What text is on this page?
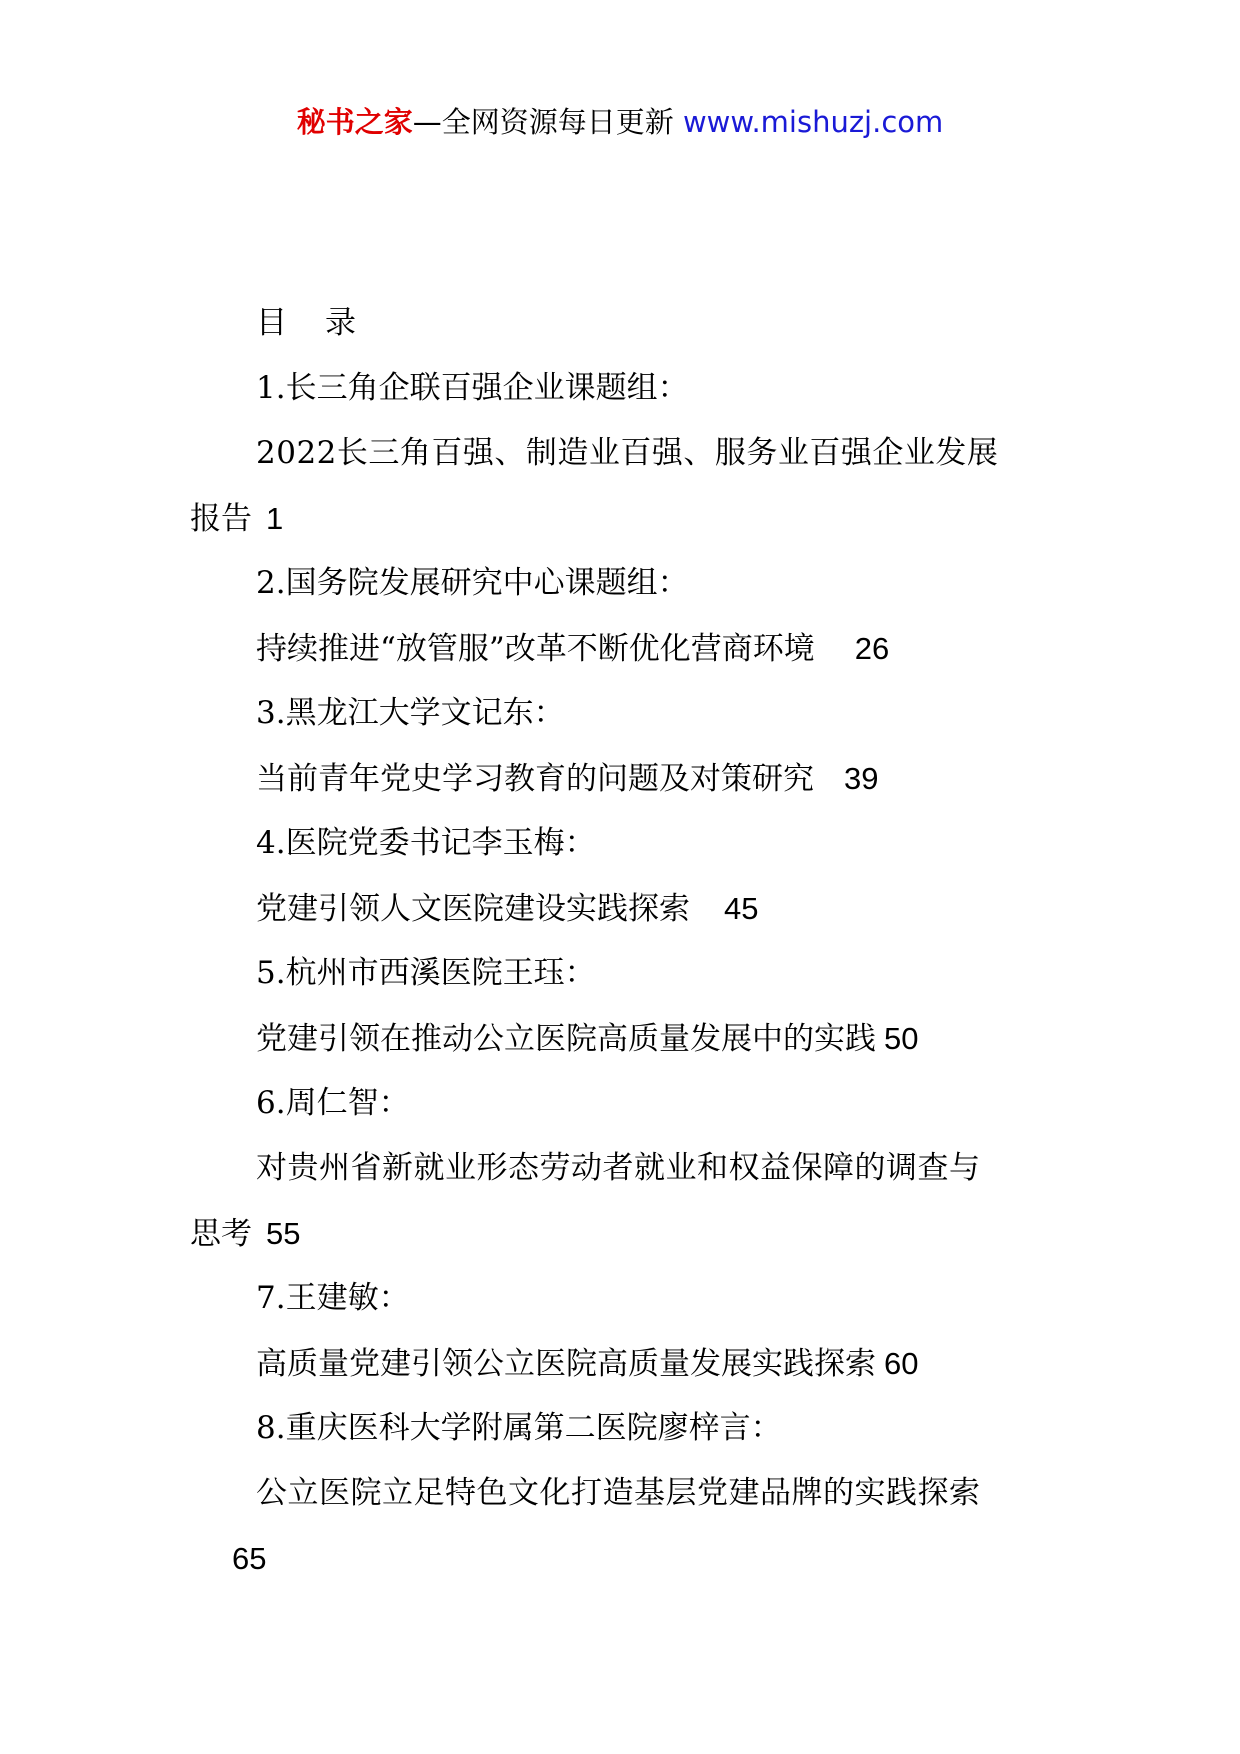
秘书之家—全网资源每日更新 www.mishuzj.com
目 录
1.长三角企联百强企业课题组：
2022长三角百强、制造业百强、服务业百强企业发展
报告 1
2.国务院发展研究中心课题组：
持续推进“放管服”改革不断优化营商环境 26
3.黑龙江大学文记东：
当前青年党史学习教育的问题及对策研究 39
4.医院党委书记李玉梅：
党建引领人文医院建设实践探索 45
5.杭州市西溪医院王珏：
党建引领在推动公立医院高质量发展中的实践 50
6.周仁智：
对贵州省新就业形态劳动者就业和权益保障的调查与
思考 55
7.王建敏：
高质量党建引领公立医院高质量发展实践探索 60
8.重庆医科大学附属第二医院廖梓言：
公立医院立足特色文化打造基层党建品牌的实践探索
65
